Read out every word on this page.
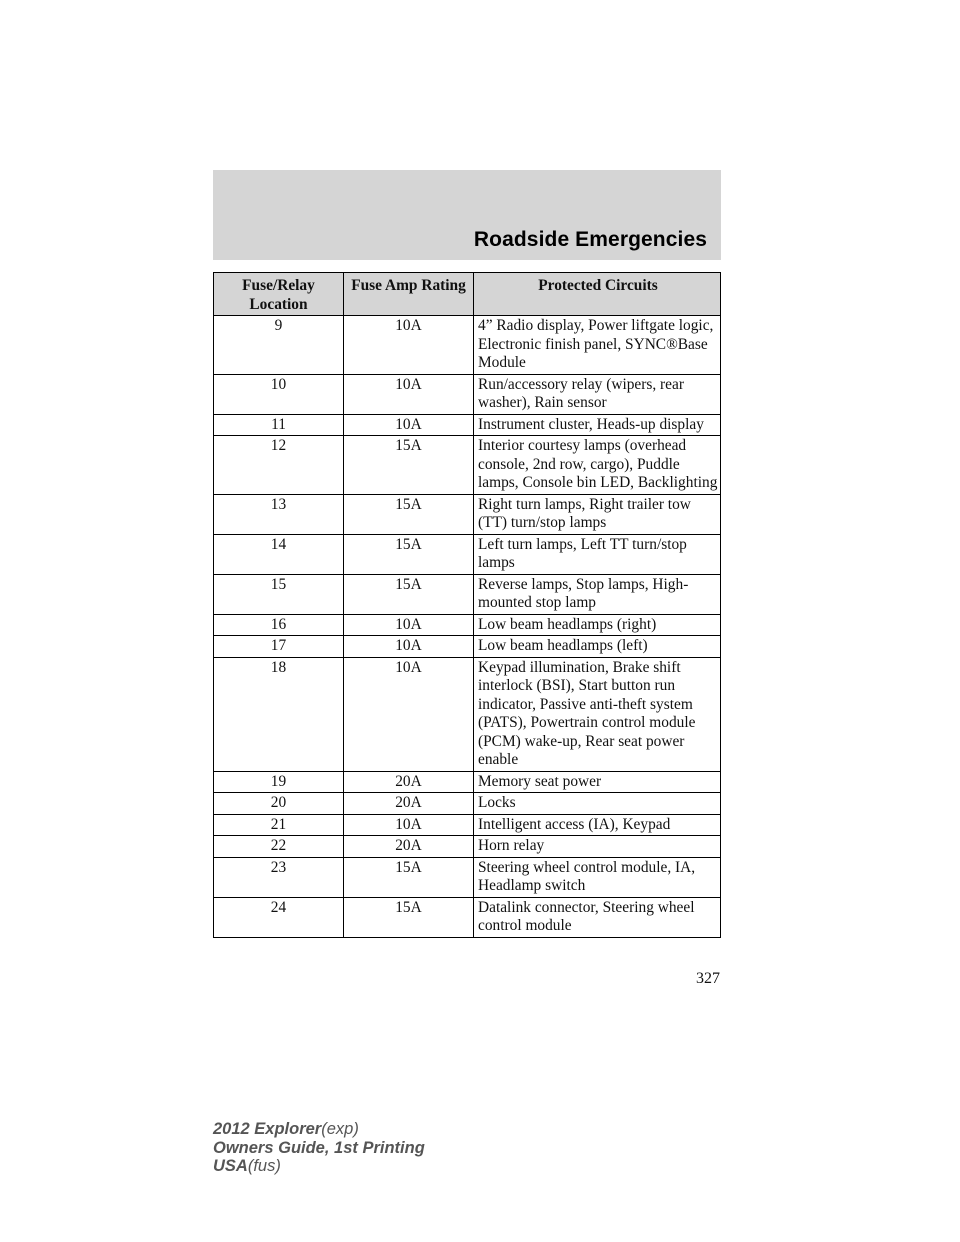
Roadside Emergencies
Fuse/Relay Location	Fuse Amp Rating	Protected Circuits
9	10A	4” Radio display, Power liftgate logic, Electronic finish panel, SYNC®Base Module
10	10A	Run/accessory relay (wipers, rear washer), Rain sensor
11	10A	Instrument cluster, Heads-up display
12	15A	Interior courtesy lamps (overhead console, 2nd row, cargo), Puddle lamps, Console bin LED, Backlighting
13	15A	Right turn lamps, Right trailer tow (TT) turn/stop lamps
14	15A	Left turn lamps, Left TT turn/stop lamps
15	15A	Reverse lamps, Stop lamps, High-mounted stop lamp
16	10A	Low beam headlamps (right)
17	10A	Low beam headlamps (left)
18	10A	Keypad illumination, Brake shift interlock (BSI), Start button run indicator, Passive anti-theft system (PATS), Powertrain control module (PCM) wake-up, Rear seat power enable
19	20A	Memory seat power
20	20A	Locks
21	10A	Intelligent access (IA), Keypad
22	20A	Horn relay
23	15A	Steering wheel control module, IA, Headlamp switch
24	15A	Datalink connector, Steering wheel control module
327
2012 Explorer(exp)
Owners Guide, 1st Printing
USA(fus)
